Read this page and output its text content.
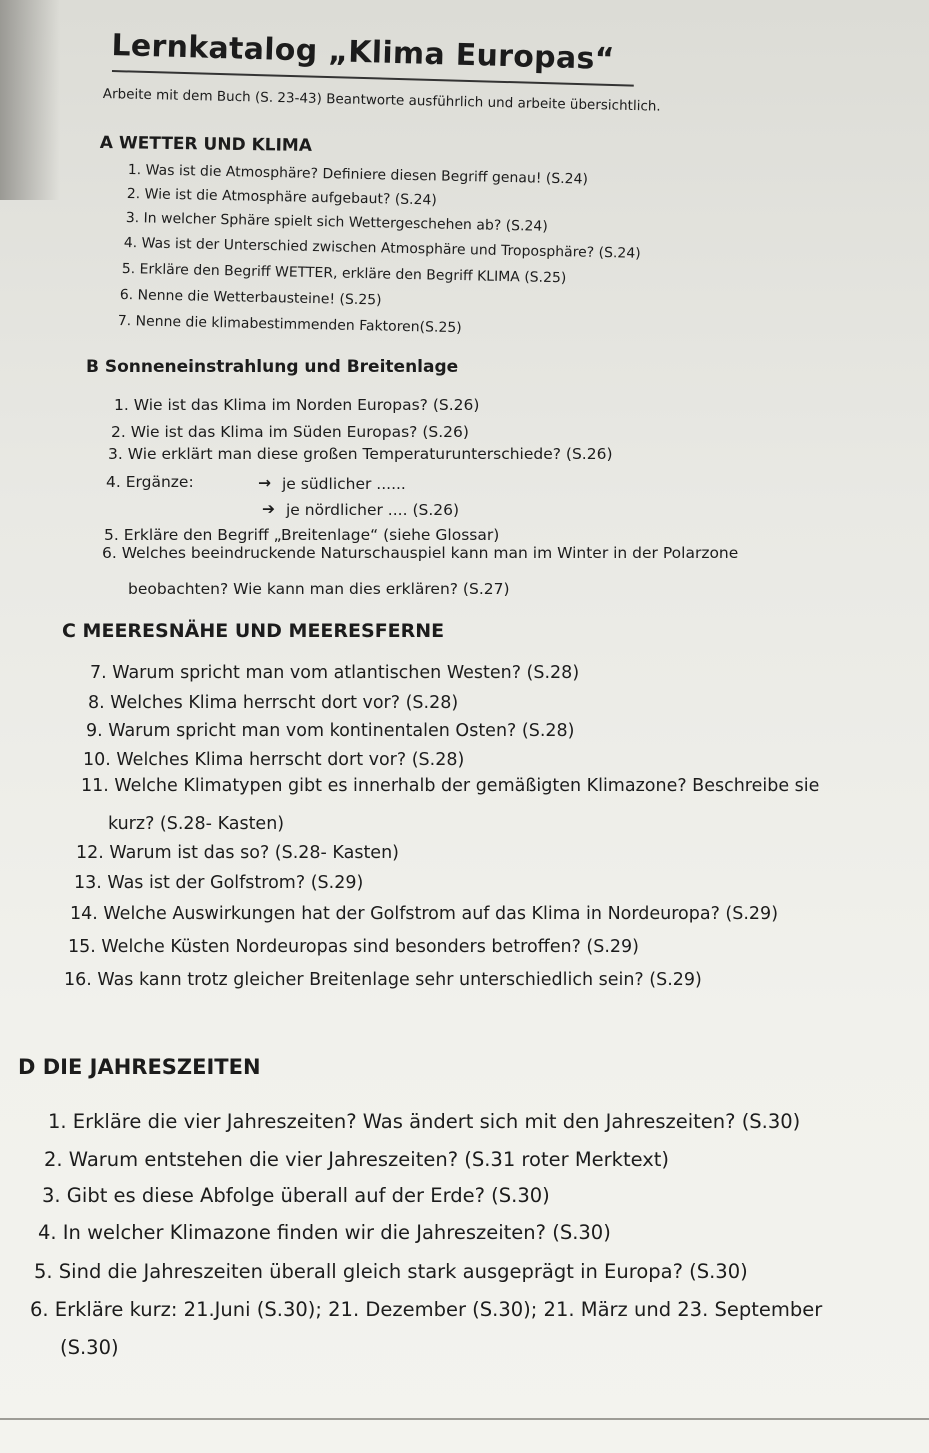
Lernkatalog „Klima Europas“
Arbeite mit dem Buch (S. 23-43) Beantworte ausführlich und arbeite übersichtlich.
A WETTER UND KLIMA
1. Was ist die Atmosphäre? Definiere diesen Begriff genau! (S.24)
2. Wie ist die Atmosphäre aufgebaut? (S.24)
3. In welcher Sphäre spielt sich Wettergeschehen ab? (S.24)
4. Was ist der Unterschied zwischen Atmosphäre und Troposphäre? (S.24)
5. Erkläre den Begriff WETTER, erkläre den Begriff KLIMA (S.25)
6. Nenne die Wetterbausteine! (S.25)
7. Nenne die klimabestimmenden Faktoren(S.25)
B Sonneneinstrahlung und Breitenlage
1. Wie ist das Klima im Norden Europas? (S.26)
2. Wie ist das Klima im Süden Europas? (S.26)
3. Wie erklärt man diese großen Temperaturunterschiede? (S.26)
4. Ergänze:	→ je südlicher ......
➔ je nördlicher .... (S.26)
5. Erkläre den Begriff „Breitenlage“ (siehe Glossar)
6. Welches beeindruckende Naturschauspiel kann man im Winter in der Polarzone
beobachten? Wie kann man dies erklären? (S.27)
C MEERESNÄHE UND MEERESFERNE
7. Warum spricht man vom atlantischen Westen? (S.28)
8. Welches Klima herrscht dort vor? (S.28)
9. Warum spricht man vom kontinentalen Osten? (S.28)
10. Welches Klima herrscht dort vor? (S.28)
11. Welche Klimatypen gibt es innerhalb der gemäßigten Klimazone? Beschreibe sie
kurz? (S.28- Kasten)
12. Warum ist das so? (S.28- Kasten)
13. Was ist der Golfstrom? (S.29)
14. Welche Auswirkungen hat der Golfstrom auf das Klima in Nordeuropa? (S.29)
15. Welche Küsten Nordeuropas sind besonders betroffen? (S.29)
16. Was kann trotz gleicher Breitenlage sehr unterschiedlich sein? (S.29)
D DIE JAHRESZEITEN
1. Erkläre die vier Jahreszeiten? Was ändert sich mit den Jahreszeiten? (S.30)
2. Warum entstehen die vier Jahreszeiten? (S.31 roter Merktext)
3. Gibt es diese Abfolge überall auf der Erde? (S.30)
4. In welcher Klimazone finden wir die Jahreszeiten? (S.30)
5. Sind die Jahreszeiten überall gleich stark ausgeprägt in Europa? (S.30)
6. Erkläre kurz: 21.Juni (S.30); 21. Dezember (S.30); 21. März und 23. September
(S.30)
